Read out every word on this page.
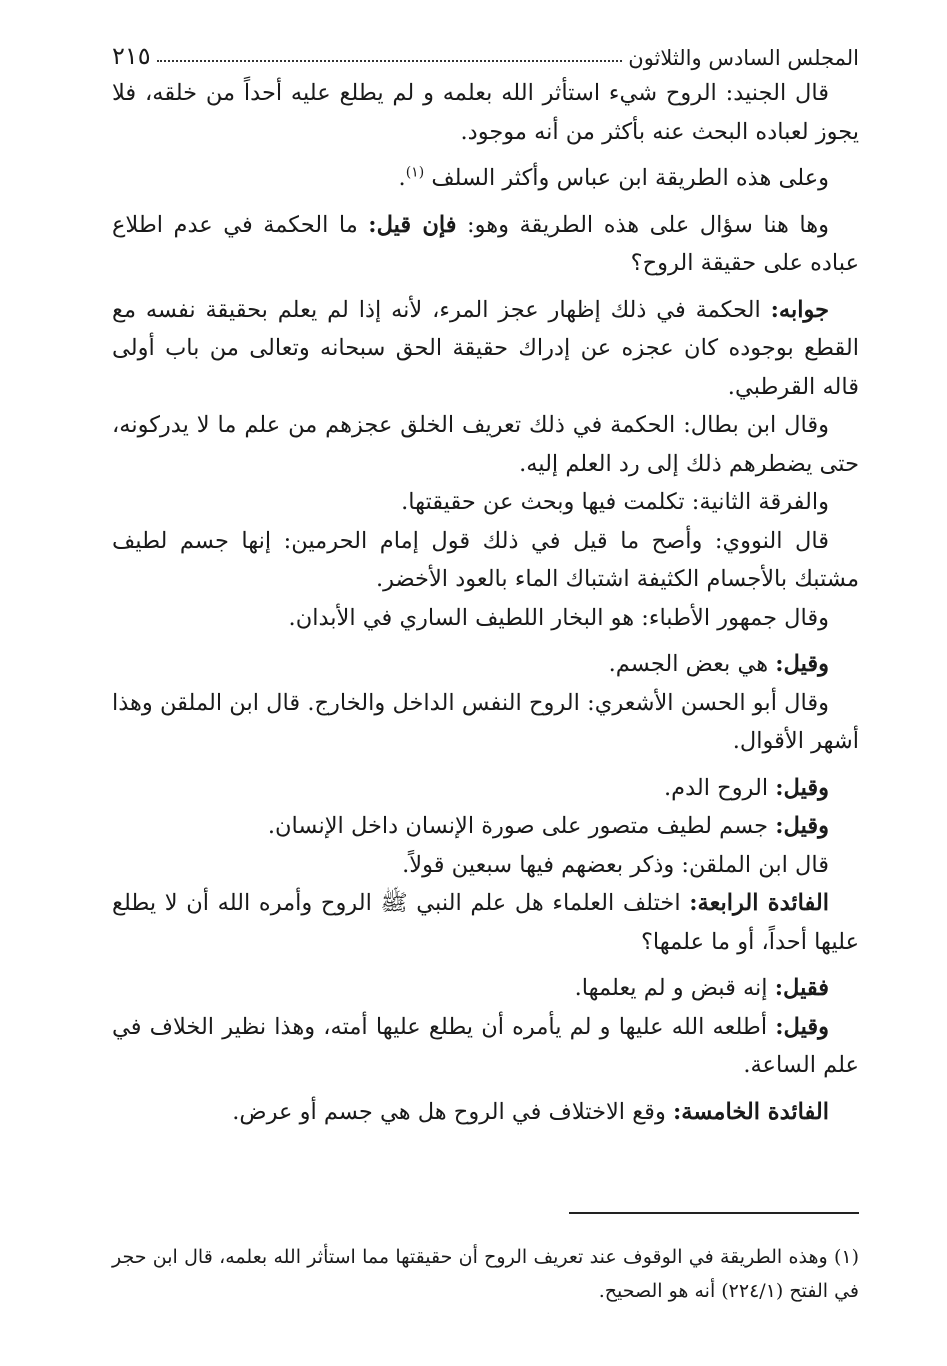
المجلس السادس والثلاثون
٢١٥

قال الجنيد: الروح شيء استأثر الله بعلمه و لم يطلع عليه أحداً من خلقه، فلا يجوز لعباده البحث عنه بأكثر من أنه موجود.

وعلى هذه الطريقة ابن عباس وأكثر السلف $^{(١)}$.

وها هنا سؤال على هذه الطريقة وهو: فإن قيل: ما الحكمة في عدم اطلاع عباده على حقيقة الروح؟

جوابه: الحكمة في ذلك إظهار عجز المرء، لأنه إذا لم يعلم بحقيقة نفسه مع القطع بوجوده كان عجزه عن إدراك حقيقة الحق سبحانه وتعالى من باب أولى قاله القرطبي.

وقال ابن بطال: الحكمة في ذلك تعريف الخلق عجزهم من علم ما لا يدركونه، حتى يضطرهم ذلك إلى رد العلم إليه.

والفرقة الثانية: تكلمت فيها وبحث عن حقيقتها.

قال النووي: وأصح ما قيل في ذلك قول إمام الحرمين: إنها جسم لطيف مشتبك بالأجسام الكثيفة اشتباك الماء بالعود الأخضر.

وقال جمهور الأطباء: هو البخار اللطيف الساري في الأبدان.

وقيل: هي بعض الجسم.

وقال أبو الحسن الأشعري: الروح النفس الداخل والخارج. قال ابن الملقن وهذا أشهر الأقوال.

وقيل: الروح الدم.

وقيل: جسم لطيف متصور على صورة الإنسان داخل الإنسان.

قال ابن الملقن: وذكر بعضهم فيها سبعين قولاً.

الفائدة الرابعة: اختلف العلماء هل علم النبي ﷺ الروح وأمره الله أن لا يطلع عليها أحداً، أو ما علمها؟

فقيل: إنه قبض و لم يعلمها.

وقيل: أطلعه الله عليها و لم يأمره أن يطلع عليها أمته، وهذا نظير الخلاف في علم الساعة.

الفائدة الخامسة: وقع الاختلاف في الروح هل هي جسم أو عرض.

(١) وهذه الطريقة في الوقوف عند تعريف الروح أن حقيقتها مما استأثر الله بعلمه، قال ابن حجر في الفتح (٢٢٤/١) أنه هو الصحيح.
